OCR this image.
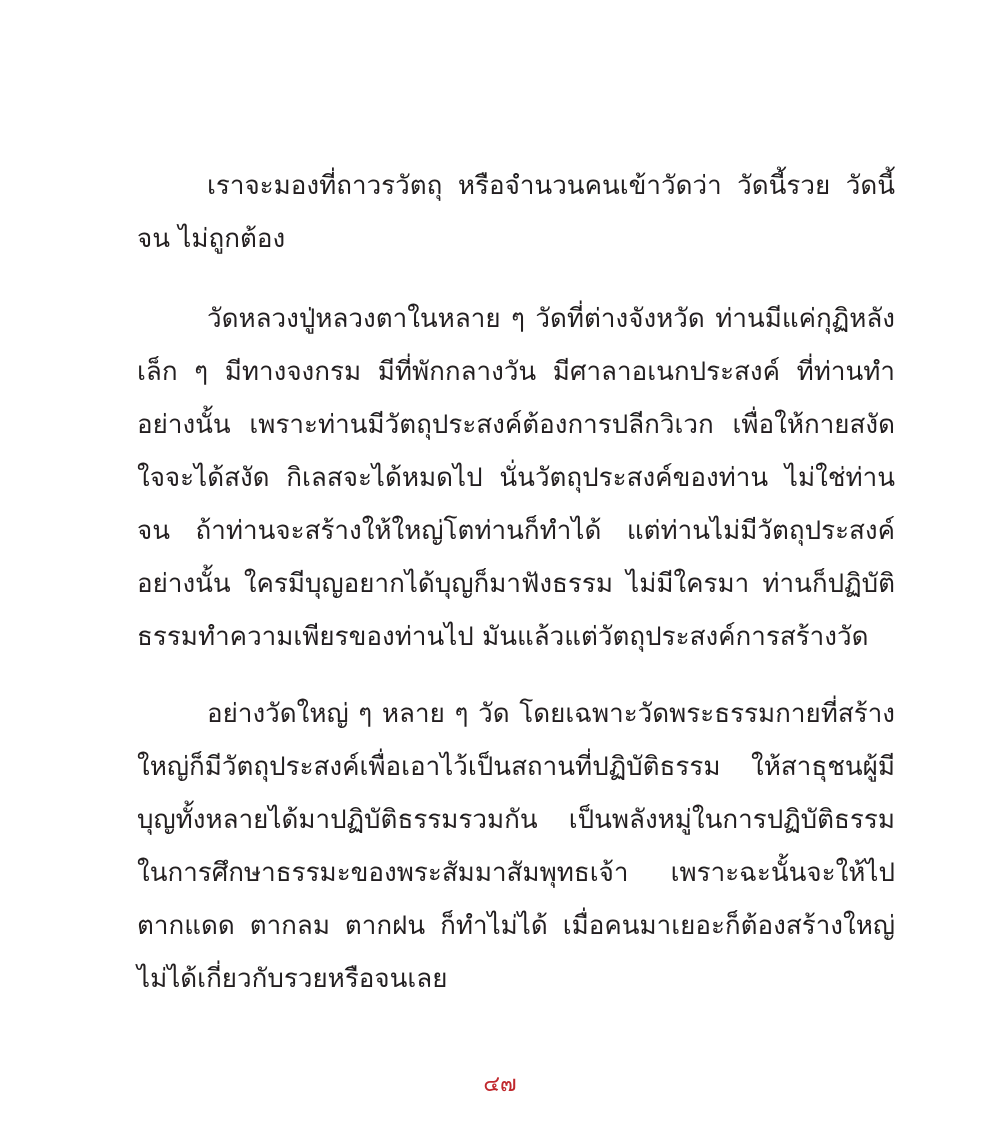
เราจะมองที่ถาวรวัตถุ หรือจำนวนคนเข้าวัดว่า วัดนี้รวย วัดนี้จน ไม่ถูกต้อง

วัดหลวงปู่หลวงตาในหลาย ๆ วัดที่ต่างจังหวัด ท่านมีแค่กุฏิหลังเล็ก ๆ มีทางจงกรม มีที่พักกลางวัน มีศาลาอเนกประสงค์ ที่ท่านทำอย่างนั้น เพราะท่านมีวัตถุประสงค์ต้องการปลีกวิเวก เพื่อให้กายสงัด ใจจะได้สงัด กิเลสจะได้หมดไป นั่นวัตถุประสงค์ของท่าน ไม่ใช่ท่านจน ถ้าท่านจะสร้างให้ใหญ่โตท่านก็ทำได้ แต่ท่านไม่มีวัตถุประสงค์อย่างนั้น ใครมีบุญอยากได้บุญก็มาฟังธรรม ไม่มีใครมา ท่านก็ปฏิบัติธรรมทำความเพียรของท่านไป มันแล้วแต่วัตถุประสงค์การสร้างวัด

อย่างวัดใหญ่ ๆ หลาย ๆ วัด โดยเฉพาะวัดพระธรรมกายที่สร้างใหญ่ก็มีวัตถุประสงค์เพื่อเอาไว้เป็นสถานที่ปฏิบัติธรรม ให้สาธุชนผู้มีบุญทั้งหลายได้มาปฏิบัติธรรมรวมกัน เป็นพลังหมู่ในการปฏิบัติธรรม ในการศึกษาธรรมะของพระสัมมาสัมพุทธเจ้า เพราะฉะนั้นจะให้ไปตากแดด ตากลม ตากฝน ก็ทำไม่ได้ เมื่อคนมาเยอะก็ต้องสร้างใหญ่ ไม่ได้เกี่ยวกับรวยหรือจนเลย

๔๗
